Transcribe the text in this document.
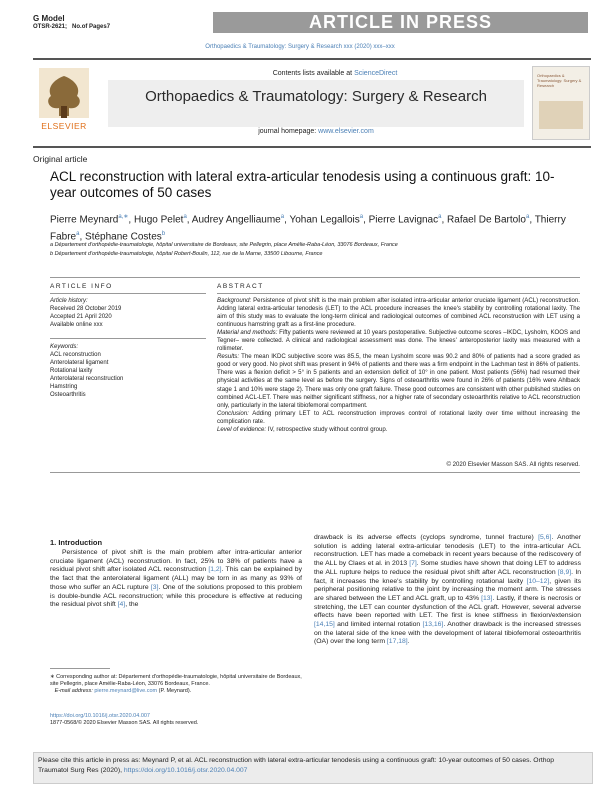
G Model
OTSR-2621; No.of Pages7	ARTICLE IN PRESS
Orthopaedics & Traumatology: Surgery & Research xxx (2020) xxx–xxx
ELSEVIER
Contents lists available at ScienceDirect
Orthopaedics & Traumatology: Surgery & Research
journal homepage: www.elsevier.com
Orthopaedics & Traumatology: Surgery & Research
Original article
ACL reconstruction with lateral extra-articular tenodesis using a continuous graft: 10-year outcomes of 50 cases
Pierre Meynard$^{a,∗}$, Hugo Pelet$^a$, Audrey Angelliaume$^a$, Yohan Legallois$^a$, Pierre Lavignac$^a$, Rafael De Bartolo$^a$, Thierry Fabre$^a$, Stéphane Costes$^b$
a Département d'orthopédie-traumatologie, hôpital universitaire de Bordeaux, site Pellegrin, place Amélie-Raba-Léon, 33076 Bordeaux, France
b Département d'orthopédie-traumatologie, hôpital Robert-Boulin, 112, rue de la Marne, 33500 Libourne, France
ARTICLE INFO	ABSTRACT
Article history:
Received 28 October 2019
Accepted 21 April 2020
Available online xxx
Keywords:
ACL reconstruction
Anterolateral ligament
Rotational laxity
Anterolateral reconstruction
Hamstring
Osteoarthritis
Background: Persistence of pivot shift is the main problem after isolated intra-articular anterior cruciate ligament (ACL) reconstruction. Adding lateral extra-articular tenodesis (LET) to the ACL procedure increases the knee's stability by controlling rotational laxity. The aim of this study was to evaluate the long-term clinical and radiological outcomes of combined ACL reconstruction with LET using a continuous hamstring graft as a first-line procedure.
Material and methods: Fifty patients were reviewed at 10 years postoperative. Subjective outcome scores –IKDC, Lysholm, KOOS and Tegner– were collected. A clinical and radiological assessment was done. The knees' anteroposterior laxity was measured with a rollimeter.
Results: The mean IKDC subjective score was 85.5, the mean Lysholm score was 90.2 and 80% of patients had a score graded as good or very good. No pivot shift was present in 94% of patients and there was a firm endpoint in the Lachman test in 86% of patients. There was a flexion deficit > 5° in 5 patients and an extension deficit of 10° in one patient. Most patients (56%) had resumed their physical activities at the same level as before the surgery. Signs of osteoarthritis were found in 26% of patients (16% were Ahlback stage 1 and 10% were stage 2). There was only one graft failure. These good outcomes are consistent with other published studies on combined ACL-LET. There was neither significant stiffness, nor a higher rate of secondary osteoarthritis relative to ACL reconstruction only, particularly in the lateral tibiofemoral compartment.
Conclusion: Adding primary LET to ACL reconstruction improves control of rotational laxity over time without increasing the complication rate.
Level of evidence: IV, retrospective study without control group.
© 2020 Elsevier Masson SAS. All rights reserved.
1. Introduction
Persistence of pivot shift is the main problem after intra-articular anterior cruciate ligament (ACL) reconstruction. In fact, 25% to 38% of patients have a residual pivot shift after isolated ACL reconstruction [1,2]. This can be explained by the fact that the anterolateral ligament (ALL) may be torn in as many as 93% of those who suffer an ACL rupture [3]. One of the solutions proposed to this problem is double-bundle ACL reconstruction; while this procedure is effective at reducing the residual pivot shift [4], the
drawback is its adverse effects (cyclops syndrome, tunnel fracture) [5,6]. Another solution is adding lateral extra-articular tenodesis (LET) to the intra-articular ACL reconstruction. LET has made a comeback in recent years because of the rediscovery of the ALL by Claes et al. in 2013 [7]. Some studies have shown that doing LET to address the ALL rupture helps to reduce the residual pivot shift after ACL reconstruction [8,9]. In fact, it increases the knee's stability by controlling rotational laxity [10–12], given its peripheral positioning relative to the joint by increasing the moment arm. The stresses are shared between the LET and ACL graft, up to 43% [13]. Lastly, if there is necrosis or stretching, the LET can counter dysfunction of the ACL graft. However, several adverse effects have been reported with LET. The first is knee stiffness in flexion/extension [14,15] and limited internal rotation [13,16]. Another drawback is the increased stresses on the lateral side of the knee with the development of lateral tibiofemoral osteoarthritis (OA) over the long term [17,18].
∗ Corresponding author at: Département d'orthopédie-traumatologie, hôpital universitaire de Bordeaux, site Pellegrin, place Amélie-Raba-Léon, 33076 Bordeaux, France.
E-mail address: pierre.meynard@live.com (P. Meynard).
https://doi.org/10.1016/j.otsr.2020.04.007
1877-0568/© 2020 Elsevier Masson SAS. All rights reserved.
Please cite this article in press as: Meynard P, et al. ACL reconstruction with lateral extra-articular tenodesis using a continuous graft: 10-year outcomes of 50 cases. Orthop Traumatol Surg Res (2020), https://doi.org/10.1016/j.otsr.2020.04.007
